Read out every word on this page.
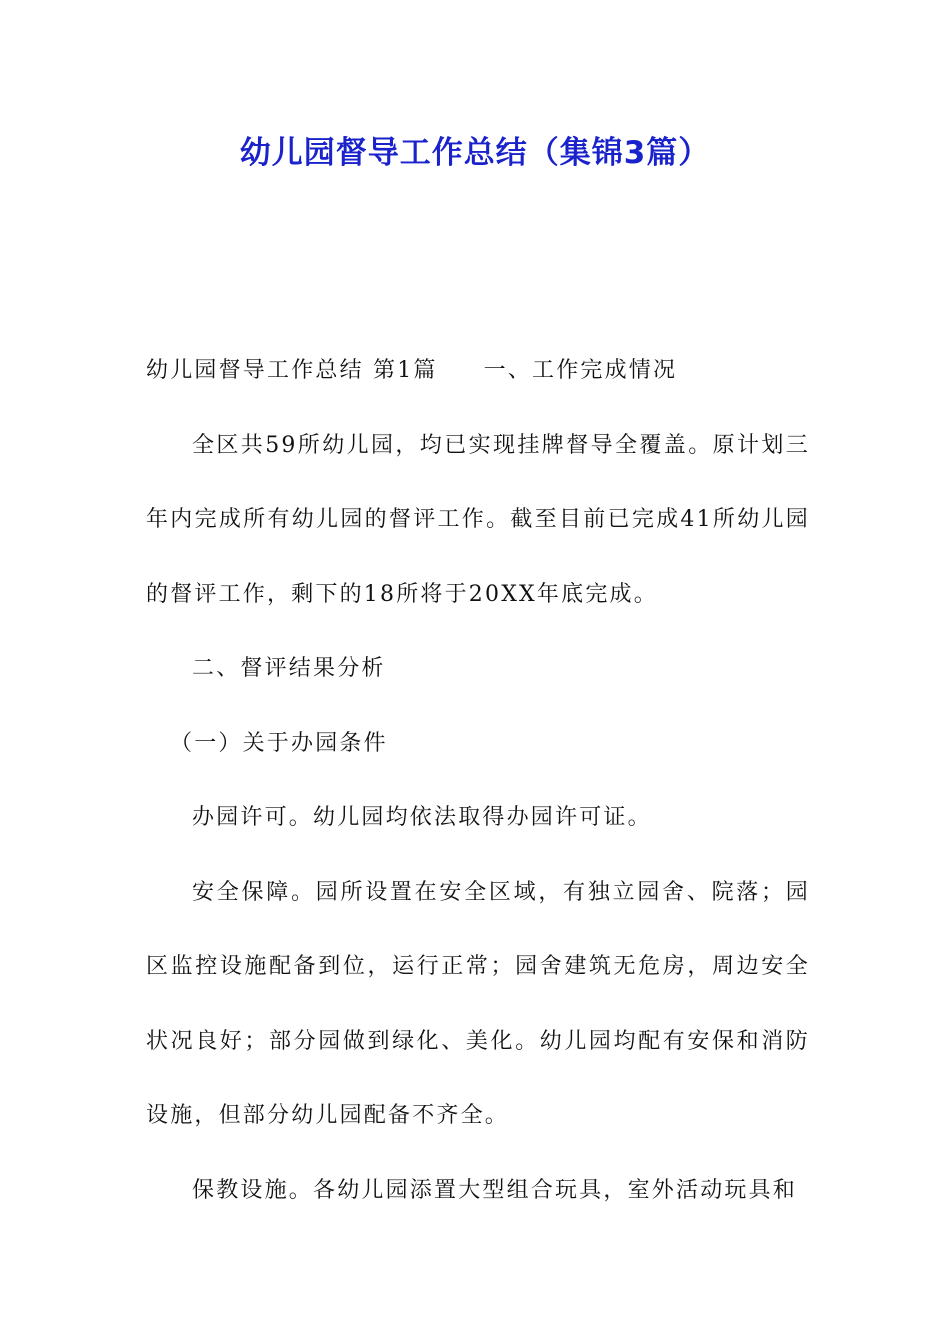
幼儿园督导工作总结（集锦3篇）

幼儿园督导工作总结 第1篇 一、工作完成情况

全区共59所幼儿园，均已实现挂牌督导全覆盖。原计划三年内完成所有幼儿园的督评工作。截至目前已完成41所幼儿园的督评工作，剩下的18所将于20XX年底完成。

二、督评结果分析

（一）关于办园条件

办园许可。幼儿园均依法取得办园许可证。

安全保障。园所设置在安全区域，有独立园舍、院落；园区监控设施配备到位，运行正常；园舍建筑无危房，周边安全状况良好；部分园做到绿化、美化。幼儿园均配有安保和消防设施，但部分幼儿园配备不齐全。

保教设施。各幼儿园添置大型组合玩具，室外活动玩具和
